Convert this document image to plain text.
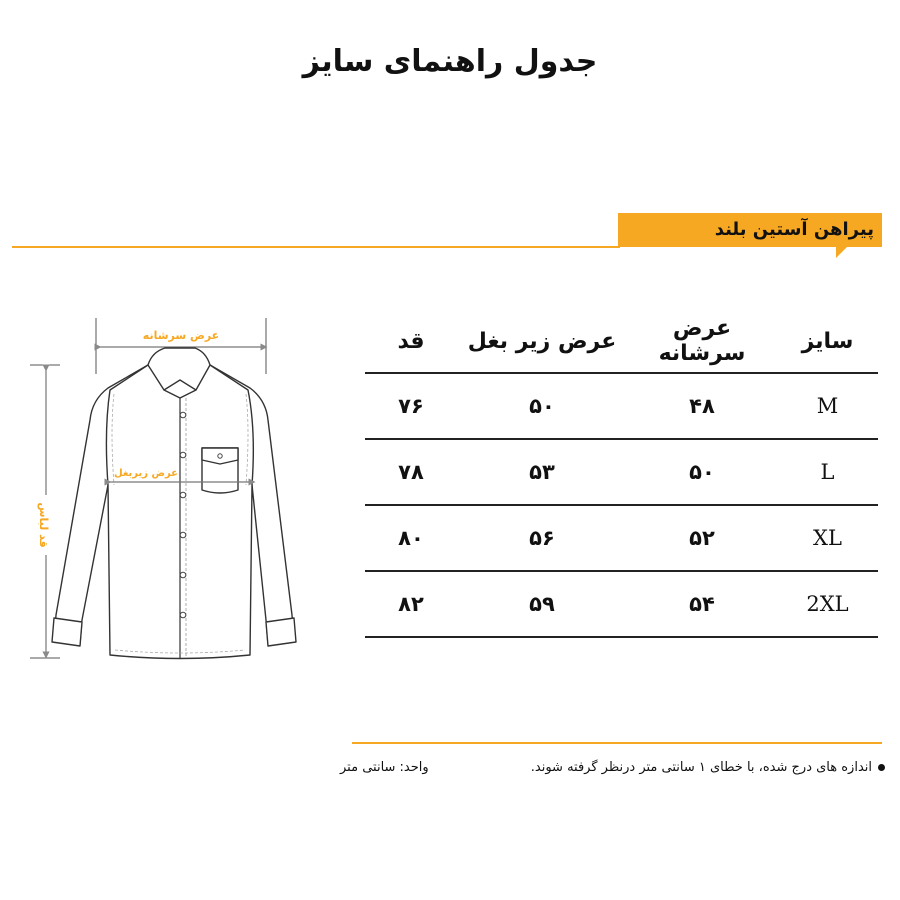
جدول راهنمای سایز
پیراهن آستین بلند
عرض سرشانه
قد لباس
عرض زیربغل
سایز	عرض سرشانه	عرض زیر بغل	قد
M	۴۸	۵۰	۷۶
L	۵۰	۵۳	۷۸
XL	۵۲	۵۶	۸۰
2XL	۵۴	۵۹	۸۲
اندازه های درج شده، با خطای ۱ سانتی متر درنظر گرفته شوند.
واحد: سانتی متر
